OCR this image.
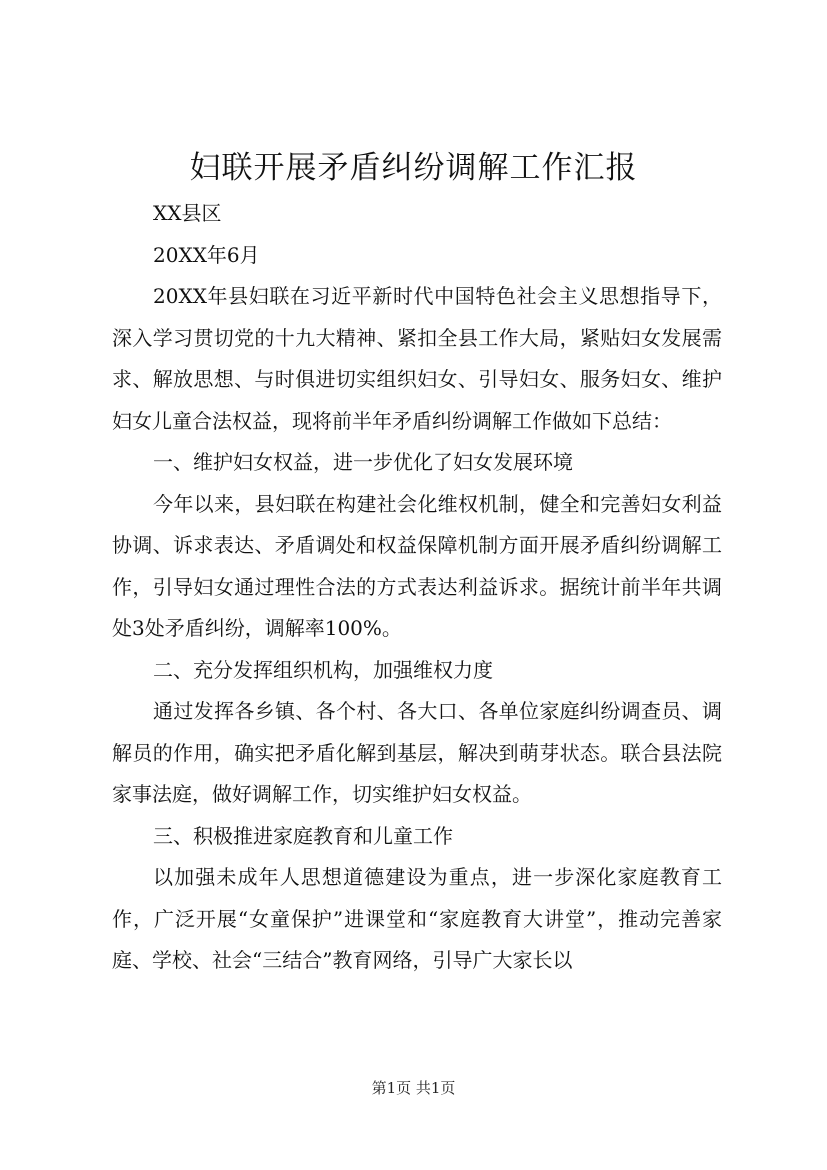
妇联开展矛盾纠纷调解工作汇报

XX县区

20XX年6月

20XX年县妇联在习近平新时代中国特色社会主义思想指导下，深入学习贯切党的十九大精神、紧扣全县工作大局，紧贴妇女发展需求、解放思想、与时俱进切实组织妇女、引导妇女、服务妇女、维护妇女儿童合法权益，现将前半年矛盾纠纷调解工作做如下总结：

一、维护妇女权益，进一步优化了妇女发展环境

今年以来，县妇联在构建社会化维权机制，健全和完善妇女利益协调、诉求表达、矛盾调处和权益保障机制方面开展矛盾纠纷调解工作，引导妇女通过理性合法的方式表达利益诉求。据统计前半年共调处3处矛盾纠纷，调解率100%。

二、充分发挥组织机构，加强维权力度

通过发挥各乡镇、各个村、各大口、各单位家庭纠纷调查员、调解员的作用，确实把矛盾化解到基层，解决到萌芽状态。联合县法院家事法庭，做好调解工作，切实维护妇女权益。

三、积极推进家庭教育和儿童工作

以加强未成年人思想道德建设为重点，进一步深化家庭教育工作，广泛开展“女童保护”进课堂和“家庭教育大讲堂”，推动完善家庭、学校、社会“三结合”教育网络，引导广大家长以

第1页 共1页
